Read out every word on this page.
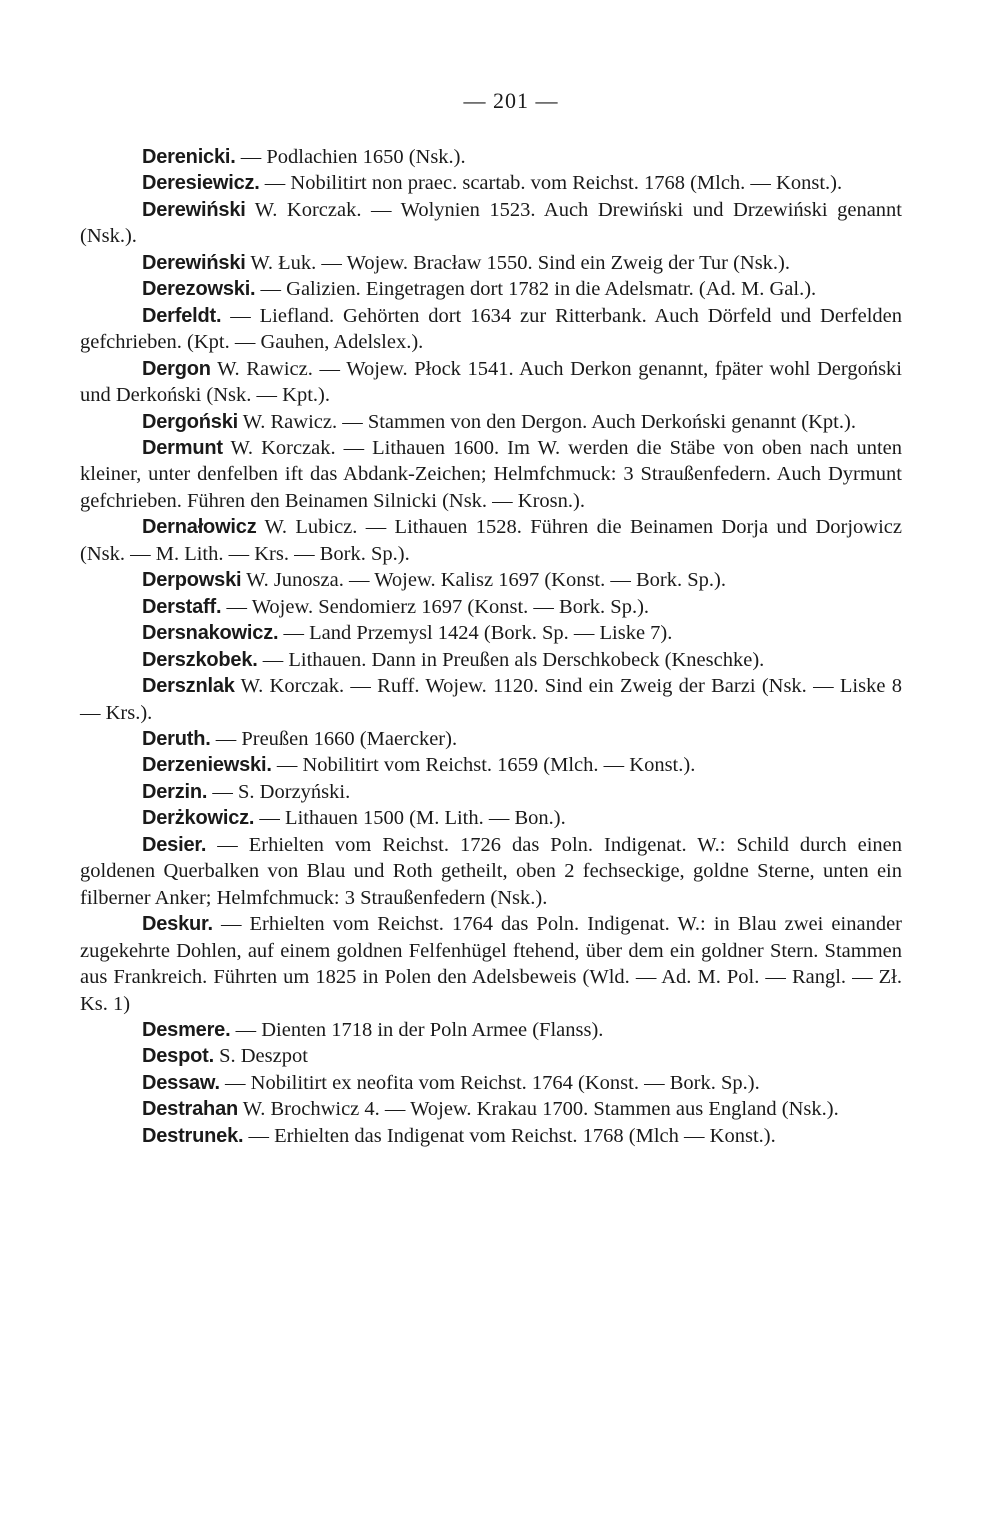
— 201 —

Derenicki. — Podlachien 1650 (Nsk.).

Deresiewicz. — Nobilitirt non praec. scartab. vom Reichst. 1768 (Mlch. — Konst.).

Derewiński W. Korczak. — Wolynien 1523. Auch Drewiński und Drzewiński genannt (Nsk.).

Derewiński W. Łuk. — Wojew. Bracław 1550. Sind ein Zweig der Tur (Nsk.).

Derezowski. — Galizien. Eingetragen dort 1782 in die Adelsmatr. (Ad. M. Gal.).

Derfeldt. — Liefland. Gehörten dort 1634 zur Ritterbank. Auch Dörfeld und Derfelden gefchrieben. (Kpt. — Gauhen, Adelslex.).

Dergon W. Rawicz. — Wojew. Płock 1541. Auch Derkon genannt, fpäter wohl Dergoński und Derkoński (Nsk. — Kpt.).

Dergoński W. Rawicz. — Stammen von den Dergon. Auch Derkoński genannt (Kpt.).

Dermunt W. Korczak. — Lithauen 1600. Im W. werden die Stäbe von oben nach unten kleiner, unter denfelben ift das Abdank-Zeichen; Helmfchmuck: 3 Straußenfedern. Auch Dyrmunt gefchrieben. Führen den Beinamen Silnicki (Nsk. — Krosn.).

Dernałowicz W. Lubicz. — Lithauen 1528. Führen die Beinamen Dorja und Dorjowicz (Nsk. — M. Lith. — Krs. — Bork. Sp.).

Derpowski W. Junosza. — Wojew. Kalisz 1697 (Konst. — Bork. Sp.).

Derstaff. — Wojew. Sendomierz 1697 (Konst. — Bork. Sp.).

Dersnakowicz. — Land Przemysl 1424 (Bork. Sp. — Liske 7).

Derszkobek. — Lithauen. Dann in Preußen als Derschkobeck (Kneschke).

Dersznlak W. Korczak. — Ruff. Wojew. 1120. Sind ein Zweig der Barzi (Nsk. — Liske 8 — Krs.).

Deruth. — Preußen 1660 (Maercker).

Derzeniewski. — Nobilitirt vom Reichst. 1659 (Mlch. — Konst.).

Derzin. — S. Dorzyński.

Derżkowicz. — Lithauen 1500 (M. Lith. — Bon.).

Desier. — Erhielten vom Reichst. 1726 das Poln. Indigenat. W.: Schild durch einen goldenen Querbalken von Blau und Roth getheilt, oben 2 fechseckige, goldne Sterne, unten ein filberner Anker; Helmfchmuck: 3 Straußenfedern (Nsk.).

Deskur. — Erhielten vom Reichst. 1764 das Poln. Indigenat. W.: in Blau zwei einander zugekehrte Dohlen, auf einem goldnen Felfenhügel ftehend, über dem ein goldner Stern. Stammen aus Frankreich. Führten um 1825 in Polen den Adelsbeweis (Wld. — Ad. M. Pol. — Rangl. — Zł. Ks. 1)

Desmere. — Dienten 1718 in der Poln Armee (Flanss).

Despot. S. Deszpot

Dessaw. — Nobilitirt ex neofita vom Reichst. 1764 (Konst. — Bork. Sp.).

Destrahan W. Brochwicz 4. — Wojew. Krakau 1700. Stammen aus England (Nsk.).

Destrunek. — Erhielten das Indigenat vom Reichst. 1768 (Mlch — Konst.).
